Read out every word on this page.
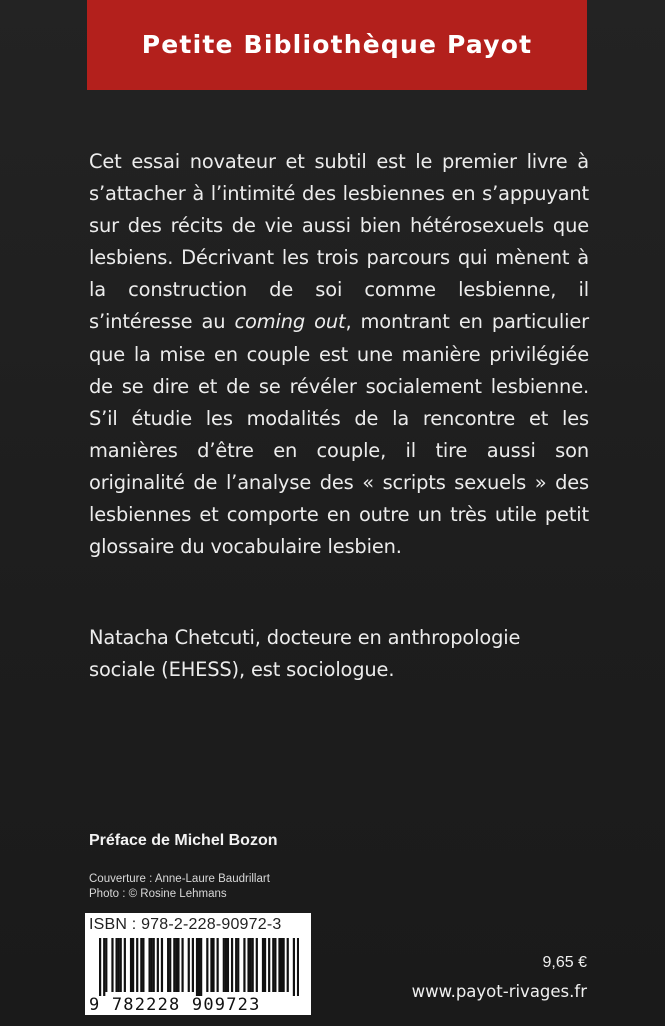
Petite Bibliothèque Payot

Cet essai novateur et subtil est le premier livre à s’attacher à l’intimité des lesbiennes en s’appuyant sur des récits de vie aussi bien hétérosexuels que lesbiens. Décrivant les trois parcours qui mènent à la construction de soi comme lesbienne, il s’intéresse au coming out, montrant en particulier que la mise en couple est une manière privilégiée de se dire et de se révéler socialement lesbienne. S’il étudie les modalités de la rencontre et les manières d’être en couple, il tire aussi son originalité de l’analyse des « scripts sexuels » des lesbiennes et comporte en outre un très utile petit glossaire du vocabulaire lesbien.

Natacha Chetcuti, docteure en anthropologie sociale (EHESS), est sociologue.

Préface de Michel Bozon
Couverture : Anne-Laure Baudrillart
Photo : © Rosine Lehmans
ISBN : 978-2-228-90972-3
9 782228 909723
9,65 €
www.payot-rivages.fr
